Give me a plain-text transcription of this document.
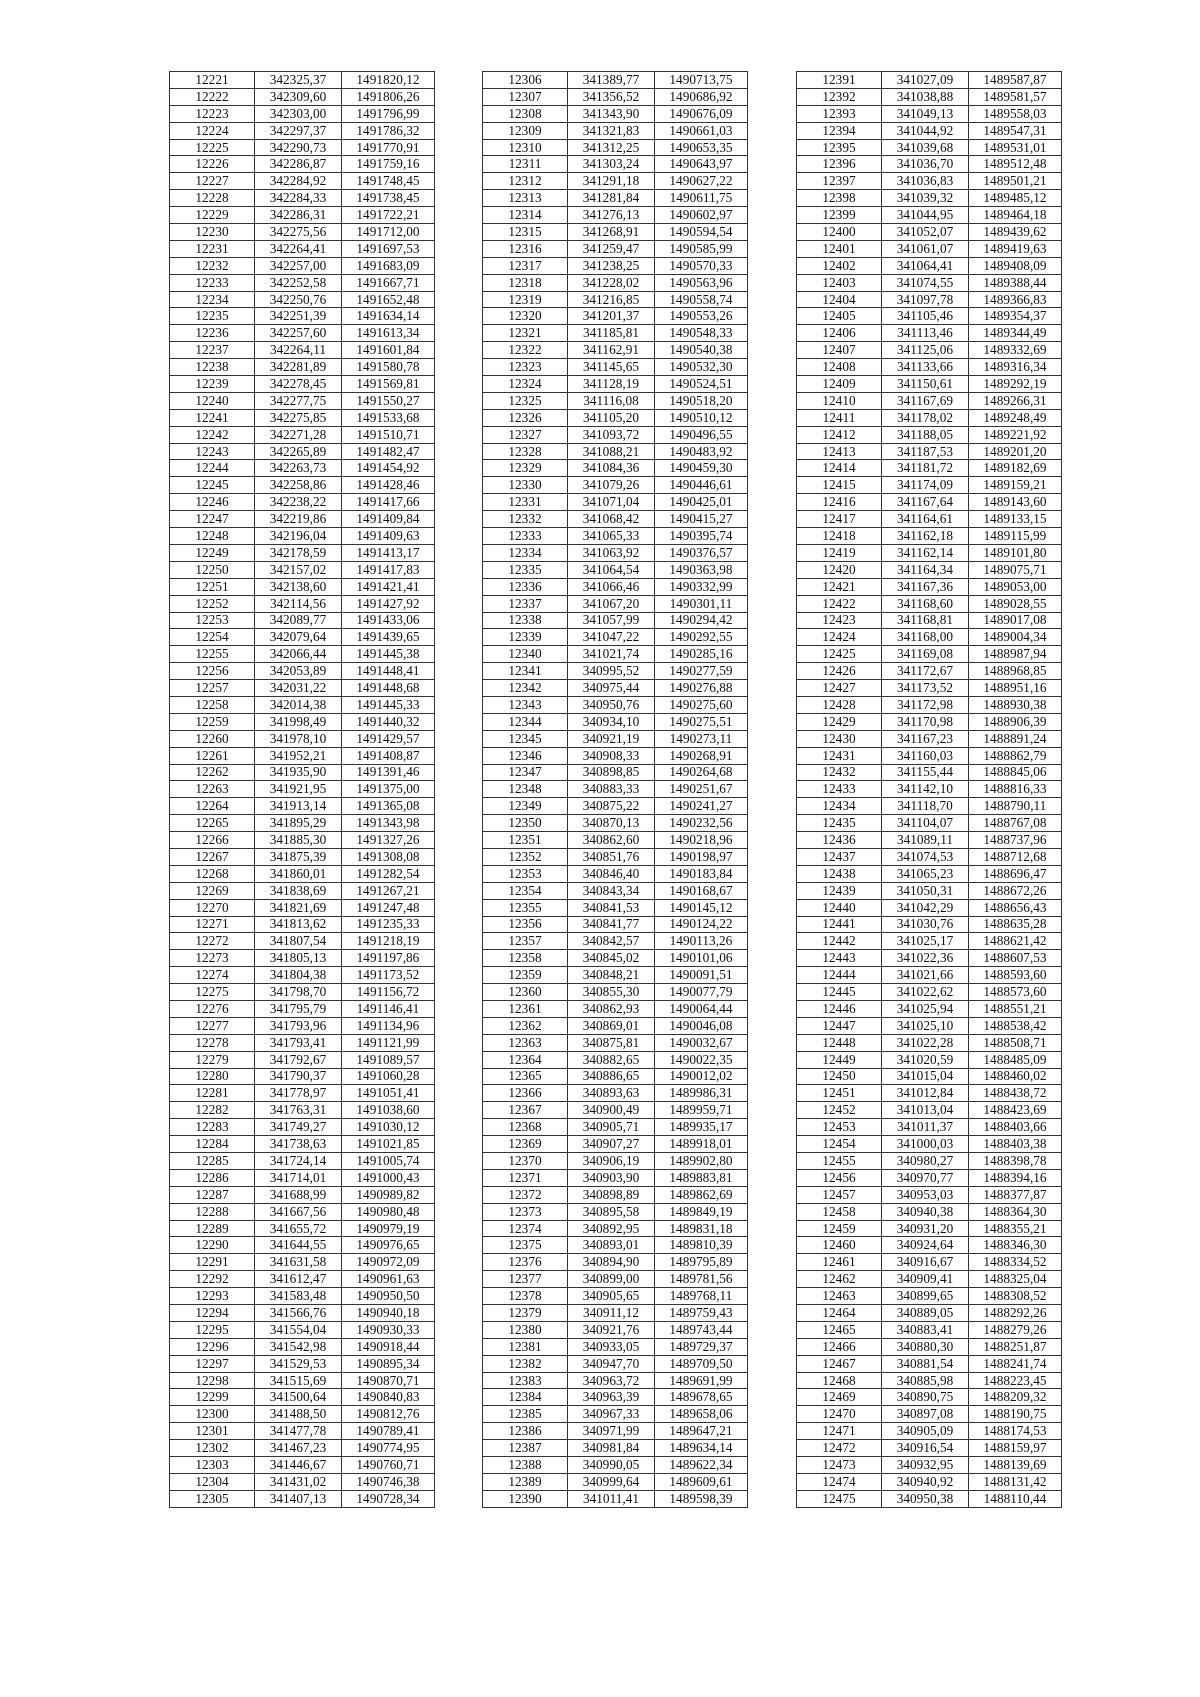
12221	342325,37	1491820,12
12222	342309,60	1491806,26
12223	342303,00	1491796,99
12224	342297,37	1491786,32
12225	342290,73	1491770,91
12226	342286,87	1491759,16
12227	342284,92	1491748,45
12228	342284,33	1491738,45
12229	342286,31	1491722,21
12230	342275,56	1491712,00
12231	342264,41	1491697,53
12232	342257,00	1491683,09
12233	342252,58	1491667,71
12234	342250,76	1491652,48
12235	342251,39	1491634,14
12236	342257,60	1491613,34
12237	342264,11	1491601,84
12238	342281,89	1491580,78
12239	342278,45	1491569,81
12240	342277,75	1491550,27
12241	342275,85	1491533,68
12242	342271,28	1491510,71
12243	342265,89	1491482,47
12244	342263,73	1491454,92
12245	342258,86	1491428,46
12246	342238,22	1491417,66
12247	342219,86	1491409,84
12248	342196,04	1491409,63
12249	342178,59	1491413,17
12250	342157,02	1491417,83
12251	342138,60	1491421,41
12252	342114,56	1491427,92
12253	342089,77	1491433,06
12254	342079,64	1491439,65
12255	342066,44	1491445,38
12256	342053,89	1491448,41
12257	342031,22	1491448,68
12258	342014,38	1491445,33
12259	341998,49	1491440,32
12260	341978,10	1491429,57
12261	341952,21	1491408,87
12262	341935,90	1491391,46
12263	341921,95	1491375,00
12264	341913,14	1491365,08
12265	341895,29	1491343,98
12266	341885,30	1491327,26
12267	341875,39	1491308,08
12268	341860,01	1491282,54
12269	341838,69	1491267,21
12270	341821,69	1491247,48
12271	341813,62	1491235,33
12272	341807,54	1491218,19
12273	341805,13	1491197,86
12274	341804,38	1491173,52
12275	341798,70	1491156,72
12276	341795,79	1491146,41
12277	341793,96	1491134,96
12278	341793,41	1491121,99
12279	341792,67	1491089,57
12280	341790,37	1491060,28
12281	341778,97	1491051,41
12282	341763,31	1491038,60
12283	341749,27	1491030,12
12284	341738,63	1491021,85
12285	341724,14	1491005,74
12286	341714,01	1491000,43
12287	341688,99	1490989,82
12288	341667,56	1490980,48
12289	341655,72	1490979,19
12290	341644,55	1490976,65
12291	341631,58	1490972,09
12292	341612,47	1490961,63
12293	341583,48	1490950,50
12294	341566,76	1490940,18
12295	341554,04	1490930,33
12296	341542,98	1490918,44
12297	341529,53	1490895,34
12298	341515,69	1490870,71
12299	341500,64	1490840,83
12300	341488,50	1490812,76
12301	341477,78	1490789,41
12302	341467,23	1490774,95
12303	341446,67	1490760,71
12304	341431,02	1490746,38
12305	341407,13	1490728,34
12306	341389,77	1490713,75
12307	341356,52	1490686,92
12308	341343,90	1490676,09
12309	341321,83	1490661,03
12310	341312,25	1490653,35
12311	341303,24	1490643,97
12312	341291,18	1490627,22
12313	341281,84	1490611,75
12314	341276,13	1490602,97
12315	341268,91	1490594,54
12316	341259,47	1490585,99
12317	341238,25	1490570,33
12318	341228,02	1490563,96
12319	341216,85	1490558,74
12320	341201,37	1490553,26
12321	341185,81	1490548,33
12322	341162,91	1490540,38
12323	341145,65	1490532,30
12324	341128,19	1490524,51
12325	341116,08	1490518,20
12326	341105,20	1490510,12
12327	341093,72	1490496,55
12328	341088,21	1490483,92
12329	341084,36	1490459,30
12330	341079,26	1490446,61
12331	341071,04	1490425,01
12332	341068,42	1490415,27
12333	341065,33	1490395,74
12334	341063,92	1490376,57
12335	341064,54	1490363,98
12336	341066,46	1490332,99
12337	341067,20	1490301,11
12338	341057,99	1490294,42
12339	341047,22	1490292,55
12340	341021,74	1490285,16
12341	340995,52	1490277,59
12342	340975,44	1490276,88
12343	340950,76	1490275,60
12344	340934,10	1490275,51
12345	340921,19	1490273,11
12346	340908,33	1490268,91
12347	340898,85	1490264,68
12348	340883,33	1490251,67
12349	340875,22	1490241,27
12350	340870,13	1490232,56
12351	340862,60	1490218,96
12352	340851,76	1490198,97
12353	340846,40	1490183,84
12354	340843,34	1490168,67
12355	340841,53	1490145,12
12356	340841,77	1490124,22
12357	340842,57	1490113,26
12358	340845,02	1490101,06
12359	340848,21	1490091,51
12360	340855,30	1490077,79
12361	340862,93	1490064,44
12362	340869,01	1490046,08
12363	340875,81	1490032,67
12364	340882,65	1490022,35
12365	340886,65	1490012,02
12366	340893,63	1489986,31
12367	340900,49	1489959,71
12368	340905,71	1489935,17
12369	340907,27	1489918,01
12370	340906,19	1489902,80
12371	340903,90	1489883,81
12372	340898,89	1489862,69
12373	340895,58	1489849,19
12374	340892,95	1489831,18
12375	340893,01	1489810,39
12376	340894,90	1489795,89
12377	340899,00	1489781,56
12378	340905,65	1489768,11
12379	340911,12	1489759,43
12380	340921,76	1489743,44
12381	340933,05	1489729,37
12382	340947,70	1489709,50
12383	340963,72	1489691,99
12384	340963,39	1489678,65
12385	340967,33	1489658,06
12386	340971,99	1489647,21
12387	340981,84	1489634,14
12388	340990,05	1489622,34
12389	340999,64	1489609,61
12390	341011,41	1489598,39
12391	341027,09	1489587,87
12392	341038,88	1489581,57
12393	341049,13	1489558,03
12394	341044,92	1489547,31
12395	341039,68	1489531,01
12396	341036,70	1489512,48
12397	341036,83	1489501,21
12398	341039,32	1489485,12
12399	341044,95	1489464,18
12400	341052,07	1489439,62
12401	341061,07	1489419,63
12402	341064,41	1489408,09
12403	341074,55	1489388,44
12404	341097,78	1489366,83
12405	341105,46	1489354,37
12406	341113,46	1489344,49
12407	341125,06	1489332,69
12408	341133,66	1489316,34
12409	341150,61	1489292,19
12410	341167,69	1489266,31
12411	341178,02	1489248,49
12412	341188,05	1489221,92
12413	341187,53	1489201,20
12414	341181,72	1489182,69
12415	341174,09	1489159,21
12416	341167,64	1489143,60
12417	341164,61	1489133,15
12418	341162,18	1489115,99
12419	341162,14	1489101,80
12420	341164,34	1489075,71
12421	341167,36	1489053,00
12422	341168,60	1489028,55
12423	341168,81	1489017,08
12424	341168,00	1489004,34
12425	341169,08	1488987,94
12426	341172,67	1488968,85
12427	341173,52	1488951,16
12428	341172,98	1488930,38
12429	341170,98	1488906,39
12430	341167,23	1488891,24
12431	341160,03	1488862,79
12432	341155,44	1488845,06
12433	341142,10	1488816,33
12434	341118,70	1488790,11
12435	341104,07	1488767,08
12436	341089,11	1488737,96
12437	341074,53	1488712,68
12438	341065,23	1488696,47
12439	341050,31	1488672,26
12440	341042,29	1488656,43
12441	341030,76	1488635,28
12442	341025,17	1488621,42
12443	341022,36	1488607,53
12444	341021,66	1488593,60
12445	341022,62	1488573,60
12446	341025,94	1488551,21
12447	341025,10	1488538,42
12448	341022,28	1488508,71
12449	341020,59	1488485,09
12450	341015,04	1488460,02
12451	341012,84	1488438,72
12452	341013,04	1488423,69
12453	341011,37	1488403,66
12454	341000,03	1488403,38
12455	340980,27	1488398,78
12456	340970,77	1488394,16
12457	340953,03	1488377,87
12458	340940,38	1488364,30
12459	340931,20	1488355,21
12460	340924,64	1488346,30
12461	340916,67	1488334,52
12462	340909,41	1488325,04
12463	340899,65	1488308,52
12464	340889,05	1488292,26
12465	340883,41	1488279,26
12466	340880,30	1488251,87
12467	340881,54	1488241,74
12468	340885,98	1488223,45
12469	340890,75	1488209,32
12470	340897,08	1488190,75
12471	340905,09	1488174,53
12472	340916,54	1488159,97
12473	340932,95	1488139,69
12474	340940,92	1488131,42
12475	340950,38	1488110,44
